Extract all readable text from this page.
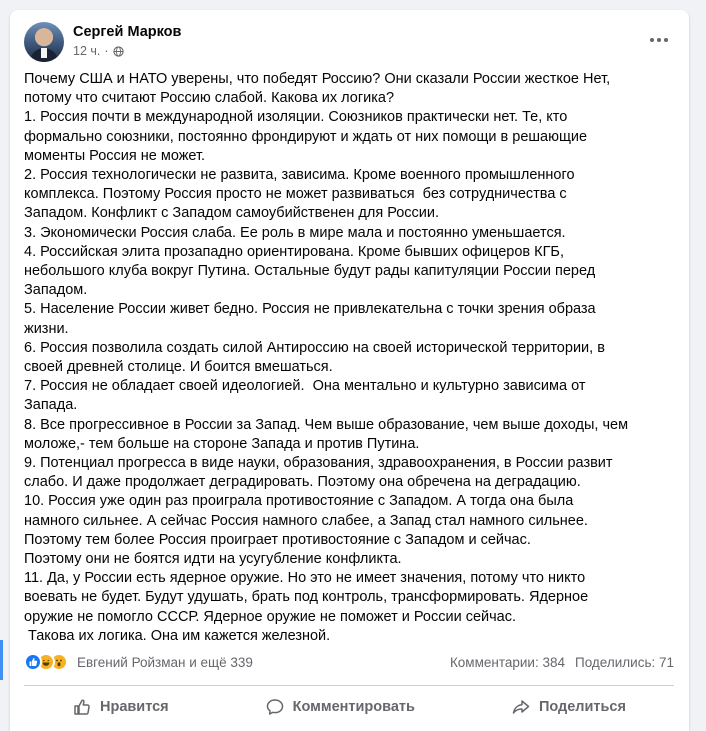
Сергей Марков
12 ч. ·
Почему США и НАТО уверены, что победят Россию? Они сказали России жесткое Нет,
потому что считают Россию слабой. Какова их логика?
1. Россия почти в международной изоляции. Союзников практически нет. Те, кто
формально союзники, постоянно фрондируют и ждать от них помощи в решающие
моменты Россия не может.
2. Россия технологически не развита, зависима. Кроме военного промышленного
комплекса. Поэтому Россия просто не может развиваться  без сотрудничества с
Западом. Конфликт с Западом самоубийственен для России.
3. Экономически Россия слаба. Ее роль в мире мала и постоянно уменьшается.
4. Российская элита прозападно ориентирована. Кроме бывших офицеров КГБ,
небольшого клуба вокруг Путина. Остальные будут рады капитуляции России перед
Западом.
5. Население России живет бедно. Россия не привлекательна с точки зрения образа
жизни.
6. Россия позволила создать силой Антироссию на своей исторической территории, в
своей древней столице. И боится вмешаться.
7. Россия не обладает своей идеологией.  Она ментально и культурно зависима от
Запада.
8. Все прогрессивное в России за Запад. Чем выше образование, чем выше доходы, чем
моложе,- тем больше на стороне Запада и против Путина.
9. Потенциал прогресса в виде науки, образования, здравоохранения, в России развит
слабо. И даже продолжает деградировать. Поэтому она обречена на деградацию.
10. Россия уже один раз проиграла противостояние с Западом. А тогда она была
намного сильнее. А сейчас Россия намного слабее, а Запад стал намного сильнее.
Поэтому тем более Россия проиграет противостояние с Западом и сейчас.
Поэтому они не боятся идти на усугубление конфликта.
11. Да, у России есть ядерное оружие. Но это не имеет значения, потому что никто
воевать не будет. Будут удушать, брать под контроль, трансформировать. Ядерное
оружие не помогло СССР. Ядерное оружие не поможет и России сейчас.
Такова их логика. Она им кажется железной.
Евгений Ройзман и ещё 339	Комментарии: 384 Поделились: 71
Нравится	Комментировать	Поделиться
